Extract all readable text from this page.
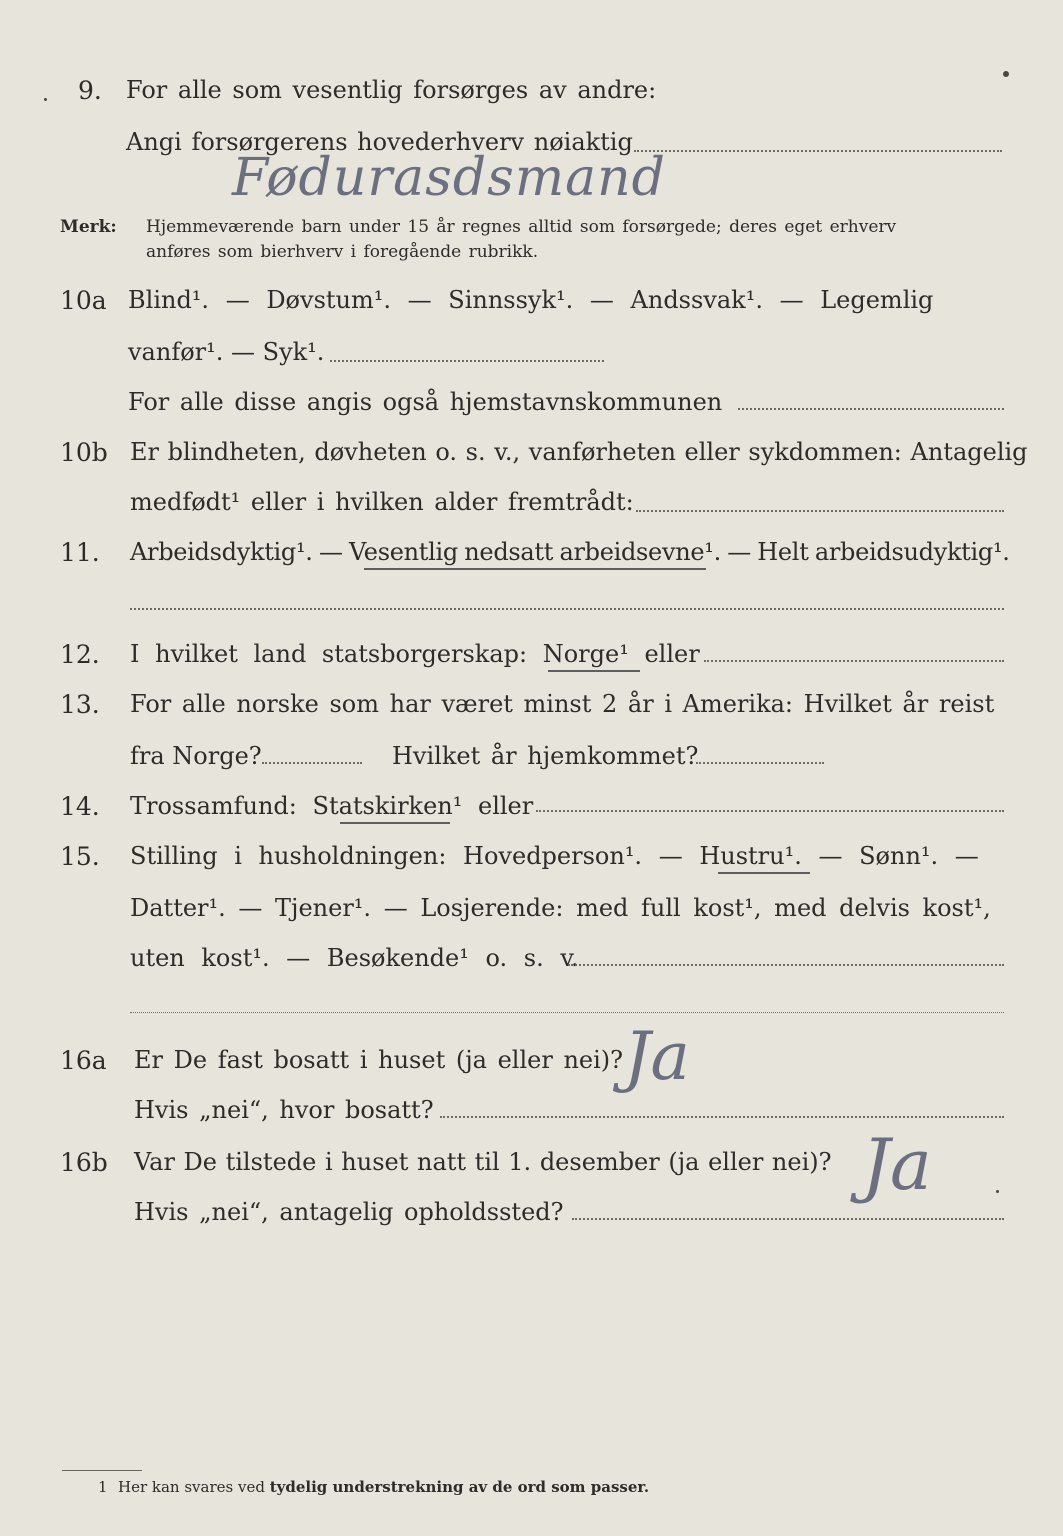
9. For alle som vesentlig forsørges av andre:
Angi forsørgerens hovederhverv nøiaktig
Fødurasdsmand
Merk: Hjemmeværende barn under 15 år regnes alltid som forsørgede; deres eget erhverv
anføres som bierhverv i foregående rubrikk.
10a Blind¹. — Døvstum¹. — Sinnssyk¹. — Andssvak¹. — Legemlig
vanfør¹. — Syk¹.
For alle disse angis også hjemstavnskommunen
10b Er blindheten, døvheten o. s. v., vanførheten eller sykdommen: Antagelig
medfødt¹ eller i hvilken alder fremtrådt:
11. Arbeidsdyktig¹. — Vesentlig nedsatt arbeidsevne¹. — Helt arbeidsudyktig¹.
12. I hvilket land statsborgerskap: Norge¹ eller
13. For alle norske som har været minst 2 år i Amerika: Hvilket år reist
fra Norge?	Hvilket år hjemkommet?
14. Trossamfund: Statskirken¹ eller
15. Stilling i husholdningen: Hovedperson¹. — Hustru¹. — Sønn¹. —
Datter¹. — Tjener¹. — Losjerende: med full kost¹, med delvis kost¹,
uten kost¹. — Besøkende¹ o. s. v.
16a Er De fast bosatt i huset (ja eller nei)? Ja
Hvis „nei“, hvor bosatt?
16b Var De tilstede i huset natt til 1. desember (ja eller nei)? Ja
Hvis „nei“, antagelig opholdssted?
1 Her kan svares ved tydelig understrekning av de ord som passer.
